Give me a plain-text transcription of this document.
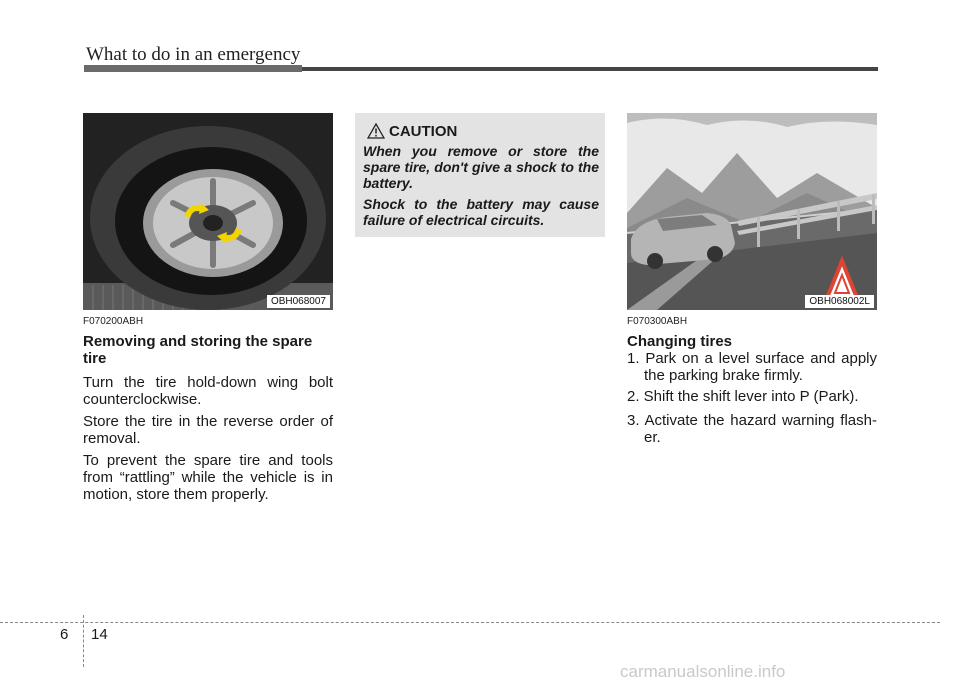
What to do in an emergency
OBH068007
F070200ABH
Removing and storing the spare tire
Turn the tire hold-down wing bolt counterclockwise.
Store the tire in the reverse order of removal.
To prevent the spare tire and tools from “rattling” while the vehicle is in motion, store them properly.
CAUTION
When you remove or store the spare tire, don't give a shock to the battery.
Shock to the battery may cause failure of electrical circuits.
OBH068002L
F070300ABH
Changing tires
1. Park on a level surface and apply the parking brake firmly.
2. Shift the shift lever into P (Park).
3. Activate the hazard warning flash-er.
6 14
carmanualsonline.info
